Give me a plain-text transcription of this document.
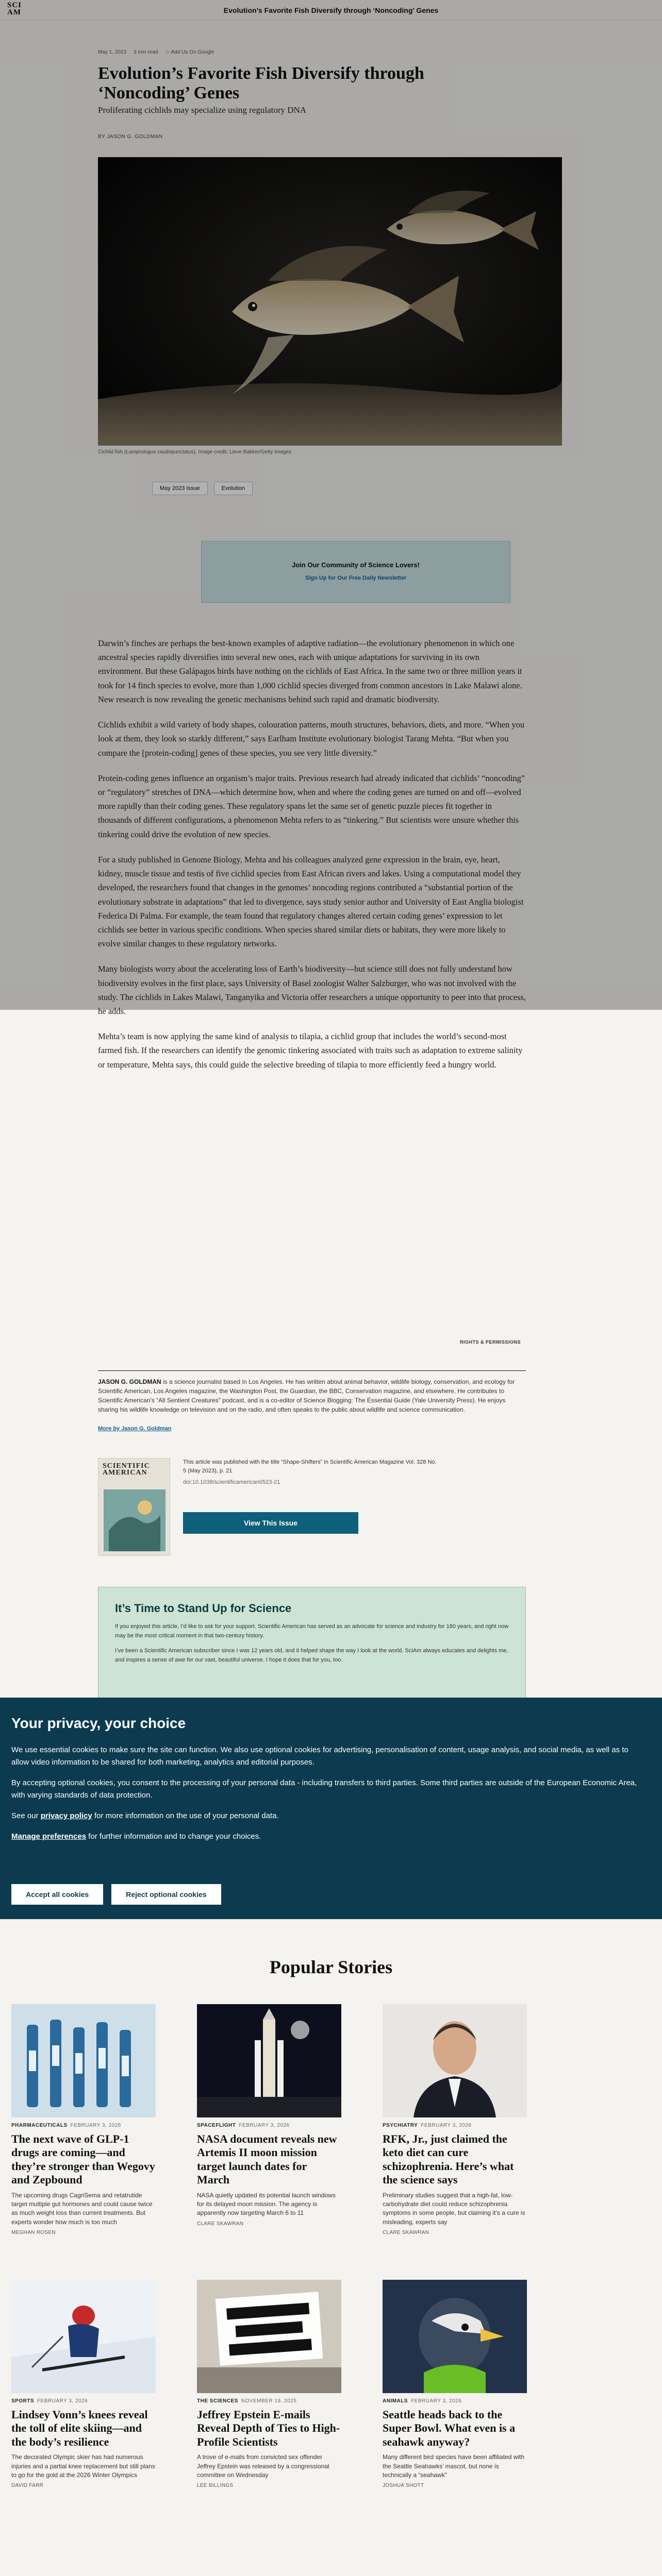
SCI AM	Evolution’s Favorite Fish Diversify through ‘Noncoding’ Genes
May 1, 2023 3 min read ☆ Add Us On Google
Evolution’s Favorite Fish Diversify through ‘Noncoding’ Genes
Proliferating cichlids may specialize using regulatory DNA
BY JASON G. GOLDMAN
Cichlid fish (Lamprologus caudopunctatus). Image credit: Lieve Bakker/Getty Images
May 2023 Issue	Evolution
Join Our Community of Science Lovers!
Sign Up for Our Free Daily Newsletter

Darwin’s finches are perhaps the best-known examples of adaptive radiation—the evolutionary phenomenon in which one ancestral species rapidly diversifies into several new ones, each with unique adaptations for surviving in its own environment. But these Galápagos birds have nothing on the cichlids of East Africa. In the same two or three million years it took for 14 finch species to evolve, more than 1,000 cichlid species diverged from common ancestors in Lake Malawi alone. New research is now revealing the genetic mechanisms behind such rapid and dramatic biodiversity.

Cichlids exhibit a wild variety of body shapes, colouration patterns, mouth structures, behaviors, diets, and more. “When you look at them, they look so starkly different,” says Earlham Institute evolutionary biologist Tarang Mehta. “But when you compare the [protein-coding] genes of these species, you see very little diversity.”

Protein-coding genes influence an organism’s major traits. Previous research had already indicated that cichlids’ “noncoding” or “regulatory” stretches of DNA—which determine how, when and where the coding genes are turned on and off—evolved more rapidly than their coding genes. These regulatory spans let the same set of genetic puzzle pieces fit together in thousands of different configurations, a phenomenon Mehta refers to as “tinkering.” But scientists were unsure whether this tinkering could drive the evolution of new species.

For a study published in Genome Biology, Mehta and his colleagues analyzed gene expression in the brain, eye, heart, kidney, muscle tissue and testis of five cichlid species from East African rivers and lakes. Using a computational model they developed, the researchers found that changes in the genomes’ noncoding regions contributed a “substantial portion of the evolutionary substrate in adaptations” that led to divergence, says study senior author and University of East Anglia biologist Federica Di Palma. For example, the team found that regulatory changes altered certain coding genes’ expression to let cichlids see better in various specific conditions. When species shared similar diets or habitats, they were more likely to evolve similar changes to these regulatory networks.

Many biologists worry about the accelerating loss of Earth’s biodiversity—but science still does not fully understand how biodiversity evolves in the first place, says University of Basel zoologist Walter Salzburger, who was not involved with the study. The cichlids in Lakes Malawi, Tanganyika and Victoria offer researchers a unique opportunity to peer into that process, he adds.

Mehta’s team is now applying the same kind of analysis to tilapia, a cichlid group that includes the world’s second-most farmed fish. If the researchers can identify the genomic tinkering associated with traits such as adaptation to extreme salinity or temperature, Mehta says, this could guide the selective breeding of tilapia to more efficiently feed a hungry world.

RIGHTS & PERMISSIONS
JASON G. GOLDMAN is a science journalist based in Los Angeles. He has written about animal behavior, wildlife biology, conservation, and ecology for Scientific American, Los Angeles magazine, the Washington Post, the Guardian, the BBC, Conservation magazine, and elsewhere. He contributes to Scientific American’s “All Sentient Creatures” podcast, and is a co-editor of Science Blogging: The Essential Guide (Yale University Press). He enjoys sharing his wildlife knowledge on television and on the radio, and often speaks to the public about wildlife and science communication.
More by Jason G. Goldman
SCIENTIFIC AMERICAN
This article was published with the title “Shape-Shifters” in Scientific American Magazine Vol. 328 No. 5 (May 2023), p. 21
doi:10.1038/scientificamerican0523-21
View This Issue
It’s Time to Stand Up for Science

If you enjoyed this article, I’d like to ask for your support. Scientific American has served as an advocate for science and industry for 180 years, and right now may be the most critical moment in that two-century history.

I’ve been a Scientific American subscriber since I was 12 years old, and it helped shape the way I look at the world. SciAm always educates and delights me, and inspires a sense of awe for our vast, beautiful universe. I hope it does that for you, too.

Your privacy, your choice

We use essential cookies to make sure the site can function. We also use optional cookies for advertising, personalisation of content, usage analysis, and social media, as well as to allow video information to be shared for both marketing, analytics and editorial purposes.

By accepting optional cookies, you consent to the processing of your personal data - including transfers to third parties. Some third parties are outside of the European Economic Area, with varying standards of data protection.

See our privacy policy for more information on the use of your personal data.

Manage preferences for further information and to change your choices.

Accept all cookies	Reject optional cookies
Popular Stories
PHARMACEUTICALS FEBRUARY 3, 2026
The next wave of GLP-1 drugs are coming—and they’re stronger than Wegovy and Zepbound

The upcoming drugs CagriSema and retatrutide target multiple gut hormones and could cause twice as much weight loss than current treatments. But experts wonder how much is too much

MEGHAN ROSEN
SPACEFLIGHT FEBRUARY 3, 2026
NASA document reveals new Artemis II moon mission target launch dates for March

NASA quietly updated its potential launch windows for its delayed moon mission. The agency is apparently now targeting March 6 to 11

CLARE SKAWRAN
PSYCHIATRY FEBRUARY 3, 2026
RFK, Jr., just claimed the keto diet can cure schizophrenia. Here’s what the science says

Preliminary studies suggest that a high-fat, low-carbohydrate diet could reduce schizophrenia symptoms in some people, but claiming it’s a cure is misleading, experts say

CLARE SKAWRAN
SPORTS FEBRUARY 3, 2026
Lindsey Vonn’s knees reveal the toll of elite skiing—and the body’s resilience

The decorated Olympic skier has had numerous injuries and a partial knee replacement but still plans to go for the gold at the 2026 Winter Olympics

DAVID FARR
THE SCIENCES NOVEMBER 19, 2025
Jeffrey Epstein E-mails Reveal Depth of Ties to High-Profile Scientists

A trove of e-mails from convicted sex offender Jeffrey Epstein was released by a congressional committee on Wednesday

LEE BILLINGS
ANIMALS FEBRUARY 3, 2026
Seattle heads back to the Super Bowl. What even is a seahawk anyway?

Many different bird species have been affiliated with the Seattle Seahawks’ mascot, but none is technically a “seahawk”

JOSHUA SHOTT
